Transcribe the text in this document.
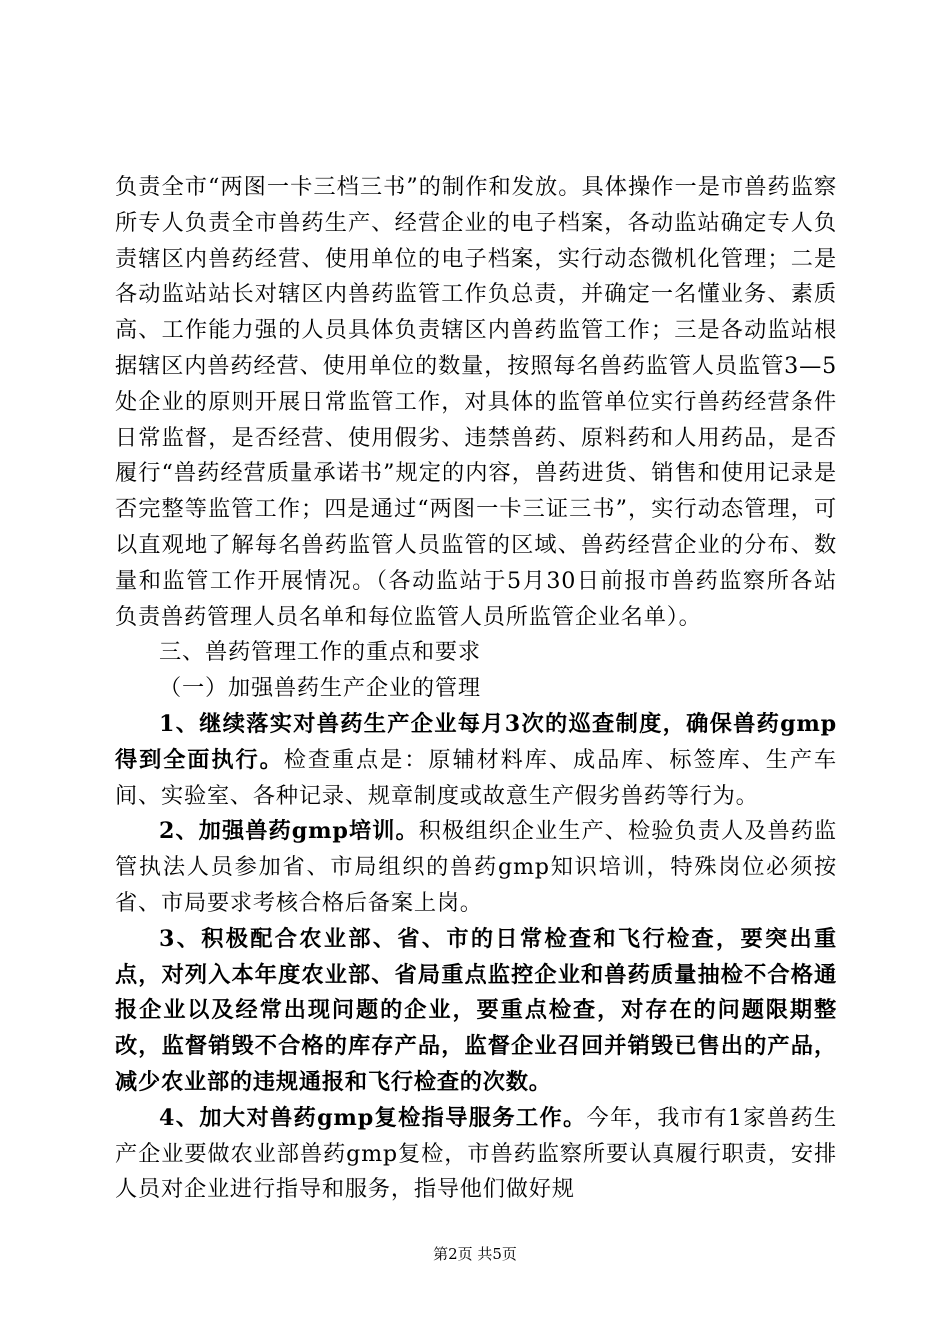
负责全市“两图一卡三档三书”的制作和发放。具体操作一是市兽药监察所专人负责全市兽药生产、经营企业的电子档案，各动监站确定专人负责辖区内兽药经营、使用单位的电子档案，实行动态微机化管理；二是各动监站站长对辖区内兽药监管工作负总责，并确定一名懂业务、素质高、工作能力强的人员具体负责辖区内兽药监管工作；三是各动监站根据辖区内兽药经营、使用单位的数量，按照每名兽药监管人员监管3—5处企业的原则开展日常监管工作，对具体的监管单位实行兽药经营条件日常监督，是否经营、使用假劣、违禁兽药、原料药和人用药品，是否履行“兽药经营质量承诺书”规定的内容，兽药进货、销售和使用记录是否完整等监管工作；四是通过“两图一卡三证三书”，实行动态管理，可以直观地了解每名兽药监管人员监管的区域、兽药经营企业的分布、数量和监管工作开展情况。（各动监站于5月30日前报市兽药监察所各站负责兽药管理人员名单和每位监管人员所监管企业名单）。

三、兽药管理工作的重点和要求

（一）加强兽药生产企业的管理

1、继续落实对兽药生产企业每月3次的巡查制度，确保兽药gmp得到全面执行。检查重点是：原辅材料库、成品库、标签库、生产车间、实验室、各种记录、规章制度或故意生产假劣兽药等行为。

2、加强兽药gmp培训。积极组织企业生产、检验负责人及兽药监管执法人员参加省、市局组织的兽药gmp知识培训，特殊岗位必须按省、市局要求考核合格后备案上岗。

3、积极配合农业部、省、市的日常检查和飞行检查，要突出重点，对列入本年度农业部、省局重点监控企业和兽药质量抽检不合格通报企业以及经常出现问题的企业，要重点检查，对存在的问题限期整改，监督销毁不合格的库存产品，监督企业召回并销毁已售出的产品，减少农业部的违规通报和飞行检查的次数。

4、加大对兽药gmp复检指导服务工作。今年，我市有1家兽药生产企业要做农业部兽药gmp复检，市兽药监察所要认真履行职责，安排人员对企业进行指导和服务，指导他们做好规

第2页 共5页
